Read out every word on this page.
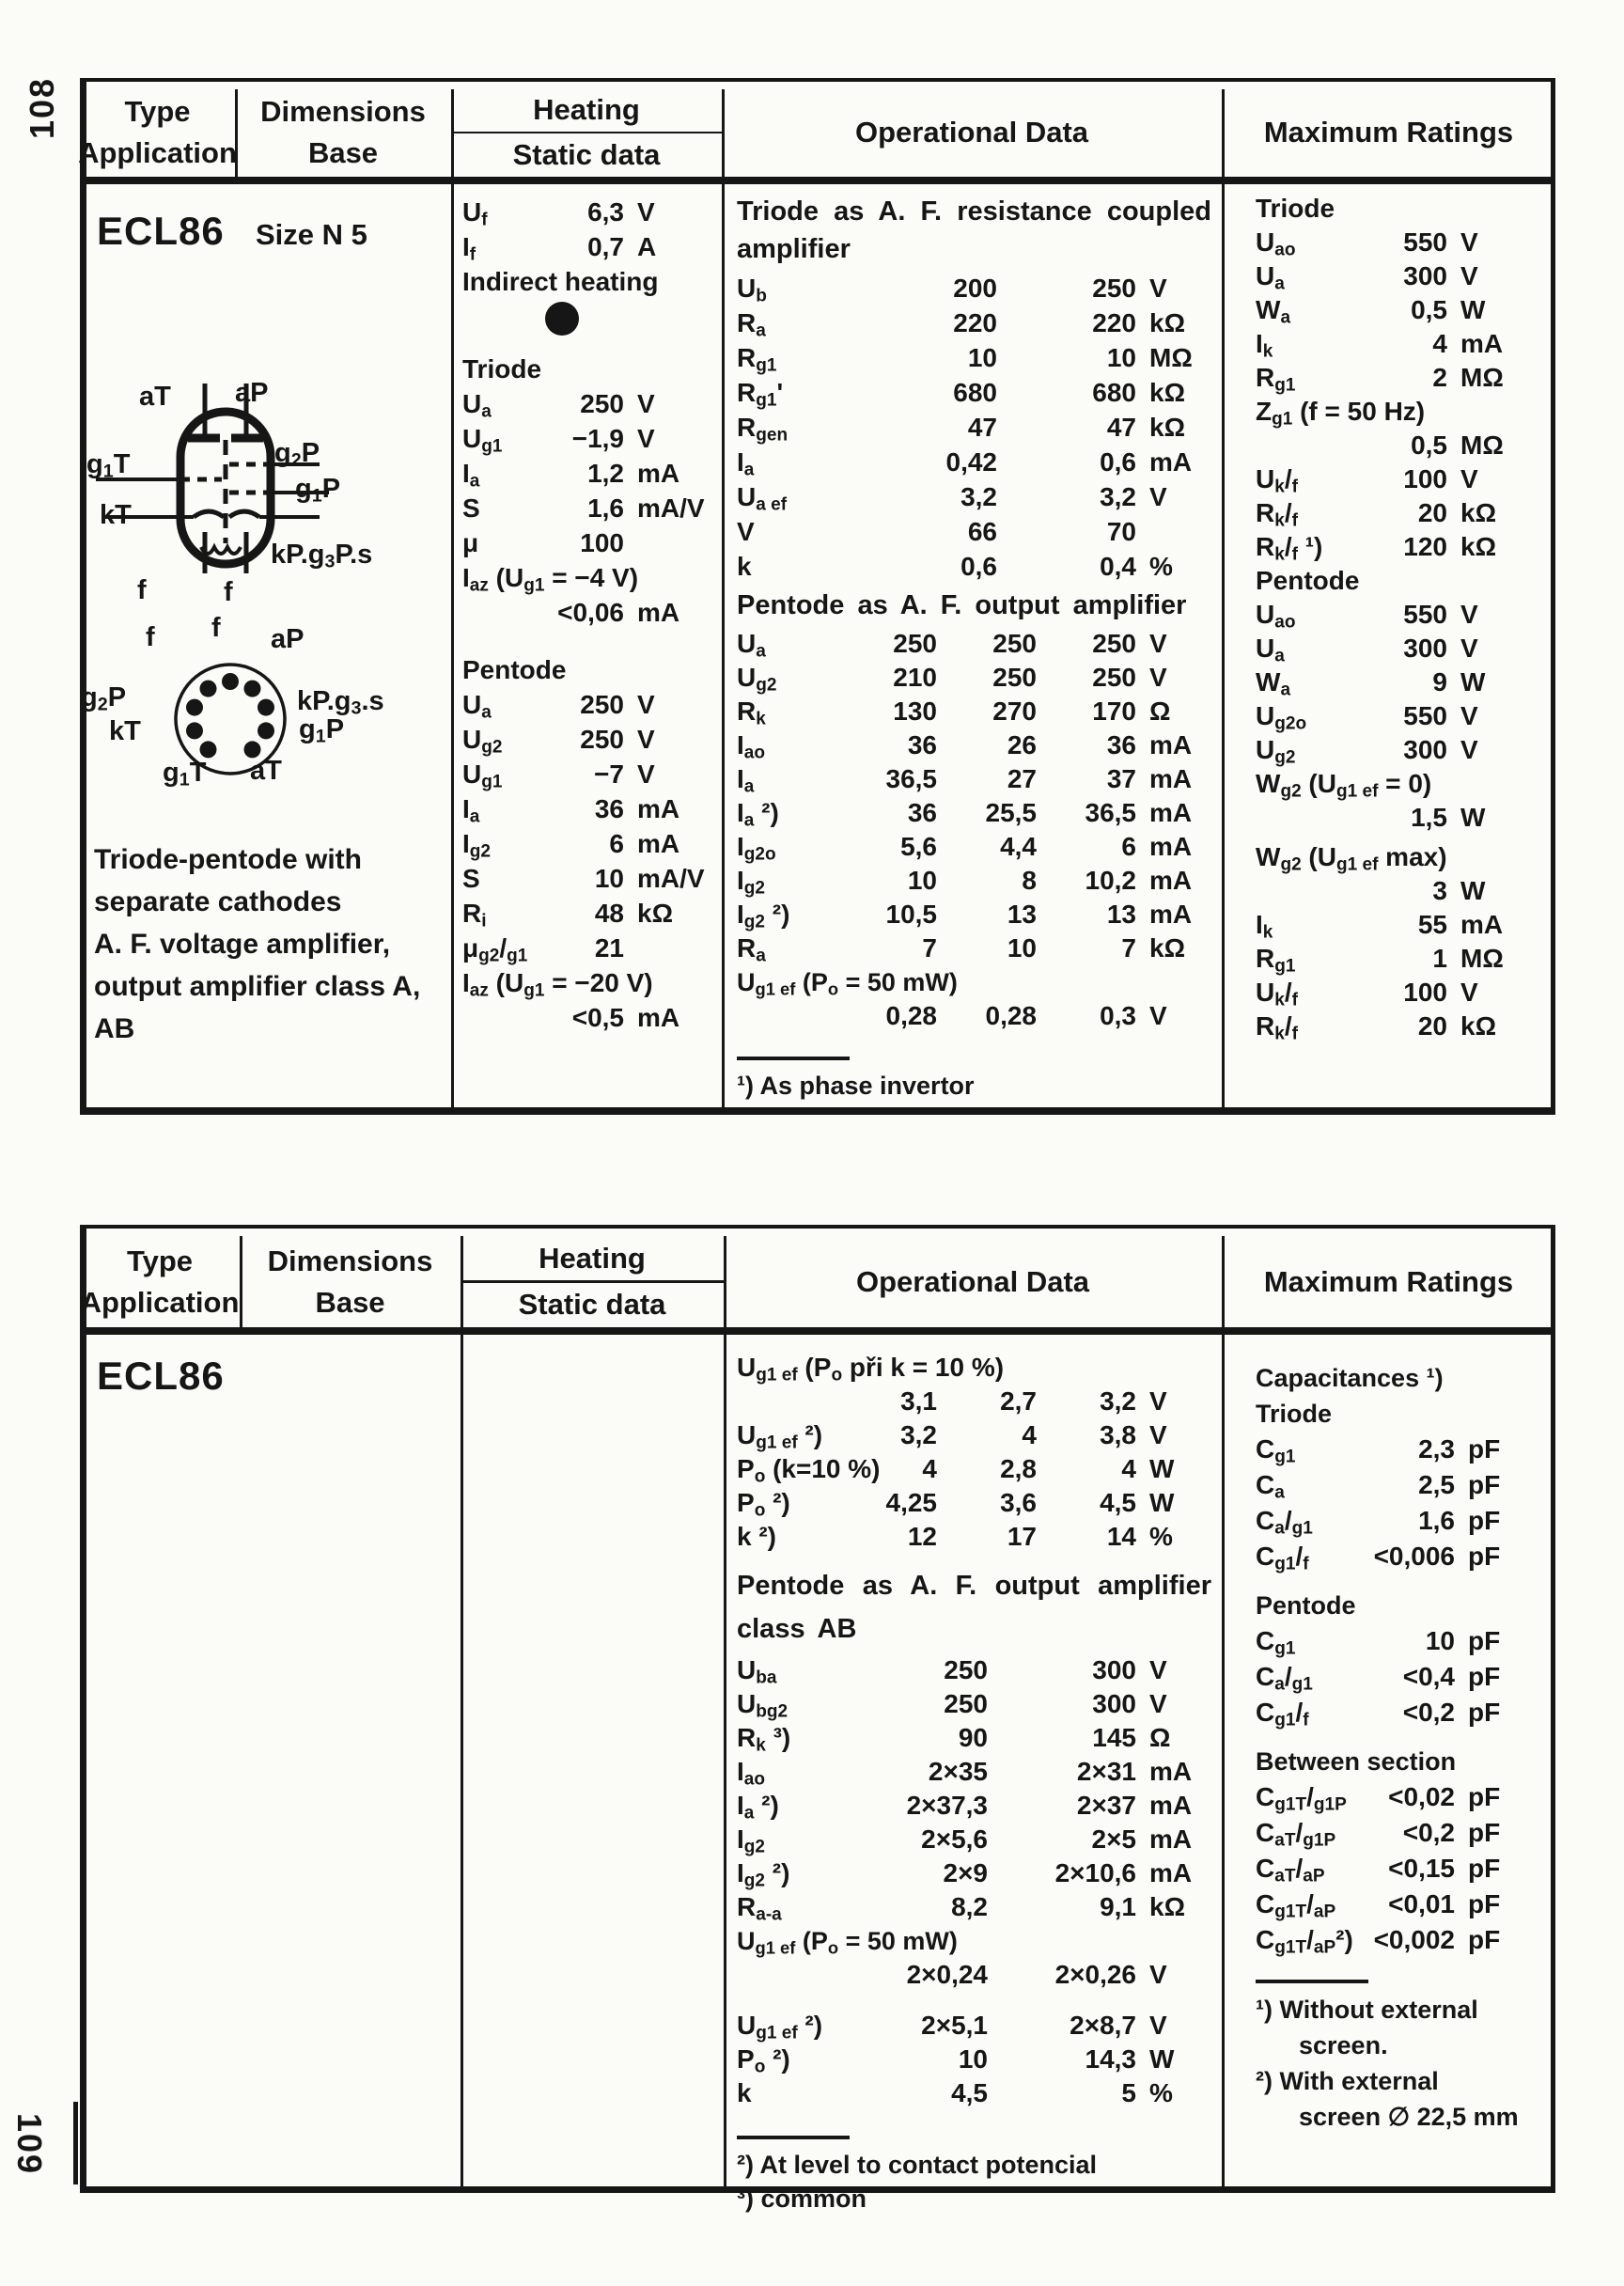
108
109
Type
Application
Dimensions
Base
Heating
Static data
Operational Data	Maximum Ratings
ECL86 Size N 5
aT aP
$g_1T$	$g_2P$
$g_1P$
kT
$kP.g_3P.s$
f	f
f f aP
$g_2P$	$kP.g_3.s$
kT	$g_1P$
$g_1T$ aT
Triode-pentode with
separate cathodes
A. F. voltage amplifier,
output amplifier class A,
AB
$U_f$	6,3 V
$I_f$	0,7 A
Indirect heating
Triode
$U_a$	250 V
$U_{g1}$	−1,9 V
$I_a$	1,2 mA
S	1,6 mA/V
μ	100
$I_{az}$ ($U_{g1} = -4$ V)
<0,06 mA
Pentode
$U_a$	250 V
$U_{g2}$	250 V
$U_{g1}$	−7 V
$I_a$	36 mA
$I_{g2}$	6 mA
S	10 mA/V
$R_i$	48 kΩ
$\mu_{g2}/_{g1}$	21
$I_{az}$ ($U_{g1} = -20$ V)
<0,5 mA
Triode as A. F. resistance coupled amplifier
$U_b$	200	250 V
$R_a$	220	220 kΩ
$R_{g1}$	10	10 MΩ
$R_{g1}'$	680	680 kΩ
$R_{gen}$	47	47 kΩ
$I_a$	0,42	0,6 mA
$U_{a ef}$	3,2	3,2 V
V	66	70
k	0,6	0,4 %
Pentode as A. F. output amplifier
$U_a$	250	250	250 V
$U_{g2}$	210	250	250 V
$R_k$	130	270	170 Ω
$I_{ao}$	36	26	36 mA
$I_a$	36,5	27	37 mA
$I_a$ ²)	36	25,5	36,5 mA
$I_{g2o}$	5,6	4,4	6 mA
$I_{g2}$	10	8	10,2 mA
$I_{g2}$ ²)	10,5	13	13 mA
$R_a$	7	10	7 kΩ
$U_{g1 ef}$ ($P_o = 50$ mW)
0,28	0,28	0,3 V
¹) As phase invertor
Triode
$U_{ao}$	550 V
$U_a$	300 V
$W_a$	0,5 W
$I_k$	4 mA
$R_{g1}$	2 MΩ
$Z_{g1}$ (f = 50 Hz)
0,5 MΩ
$U_k/_f$	100 V
$R_k/_f$	20 kΩ
$R_k/_f$ ¹)	120 kΩ
Pentode
$U_{ao}$	550 V
$U_a$	300 V
$W_a$	9 W
$U_{g2o}$	550 V
$U_{g2}$	300 V
$W_{g2}$ $(U_{g1 ef} = 0)$
1,5 W
$W_{g2}$ ($U_{g1 ef}$ max)
3 W
$I_k$	55 mA
$R_{g1}$	1 MΩ
$U_k/_f$	100 V
$R_k/_f$	20 kΩ
Type
Application
Dimensions
Base
Heating
Static data
Operational Data	Maximum Ratings
ECL86	$U_{g1 ef}$ ($P_o$ při k = 10 %)
3,1	2,7	3,2 V
$U_{g1 ef}$ ²)	3,2	4	3,8 V
$P_o$ (k=10 %)	4	2,8	4 W
$P_o$ ²)	4,25	3,6	4,5 W
k ²)	12	17	14 %
Pentode as A. F. output amplifier class AB
$U_{ba}$	250	300 V
$U_{bg2}$	250	300 V
$R_k$ ³)	90	145 Ω
$I_{ao}$	2×35	2×31 mA
$I_a$ ²)	2×37,3	2×37 mA
$I_{g2}$	2×5,6	2×5 mA
$I_{g2}$ ²)	2×9	2×10,6 mA
$R_{a-a}$	8,2	9,1 kΩ
$U_{g1 ef}$ ($P_o = 50$ mW)
2×0,24	2×0,26 V
$U_{g1 ef}$ ²)	2×5,1	2×8,7 V
$P_o$ ²)	10	14,3 W
k	4,5	5 %
²) At level to contact potencial
³) common
Capacitances ¹)
Triode
$C_{g1}$	2,3 pF
$C_a$	2,5 pF
$C_a/_{g1}$	1,6 pF
$C_{g1}/_f$	<0,006 pF
Pentode
$C_{g1}$	10 pF
$C_a/_{g1}$	<0,4 pF
$C_{g1}/_f$	<0,2 pF
Between section
$C_{g1T}/_{g1P}$	<0,02 pF
$C_{aT}/_{g1P}$	<0,2 pF
$C_{aT}/_{aP}$	<0,15 pF
$C_{g1T}/_{aP}$	<0,01 pF
$C_{g1T}/_{aP}^2) <0,002$ pF
¹) Without external
screen.
²) With external
screen ∅ 22,5 mm
